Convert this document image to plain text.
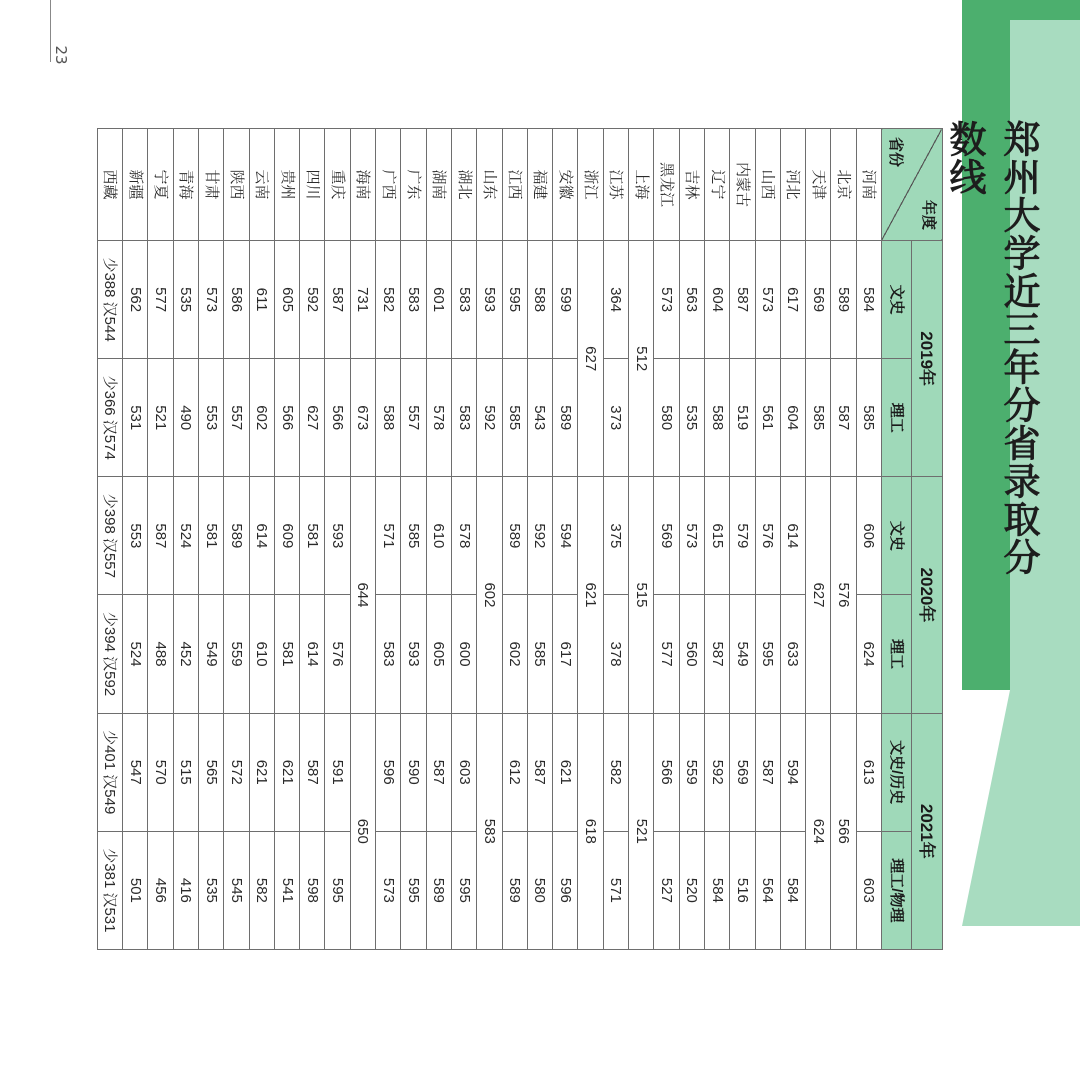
23
郑州大学近三年分省录取分数线
年度
省份	2019年		2020年		2021年	
	文史	理工	文史	理工	文史/历史	理工/物理
河南	584	585	606	624	613	603
北京	589	587	576		566	
天津	569	585	627		624	
河北	617	604	614	633	594	584
山西	573	561	576	595	587	564
内蒙古	587	519	579	549	569	516
辽宁	604	588	615	587	592	584
吉林	563	535	573	560	559	520
黑龙江	573	580	569	577	566	527
上海	512		515		521	
江苏	364	373	375	378	582	571
浙江	627		621		618	
安徽	599	589	594	617	621	596
福建	588	543	592	585	587	580
江西	595	585	589	602	612	589
山东	593	592	602		583	
湖北	583	583	578	600	603	595
湖南	601	578	610	605	587	589
广东	583	557	585	593	590	595
广西	582	588	571	583	596	573
海南	731	673	644		650	
重庆	587	566	593	576	591	595
四川	592	627	581	614	587	598
贵州	605	566	609	581	621	541
云南	611	602	614	610	621	582
陕西	586	557	589	559	572	545
甘肃	573	553	581	549	565	535
青海	535	490	524	452	515	416
宁夏	577	521	587	488	570	456
新疆	562	531	553	524	547	501
西藏	少388 汉544	少366 汉574	少398 汉557	少394 汉592	少401 汉549	少381 汉531
